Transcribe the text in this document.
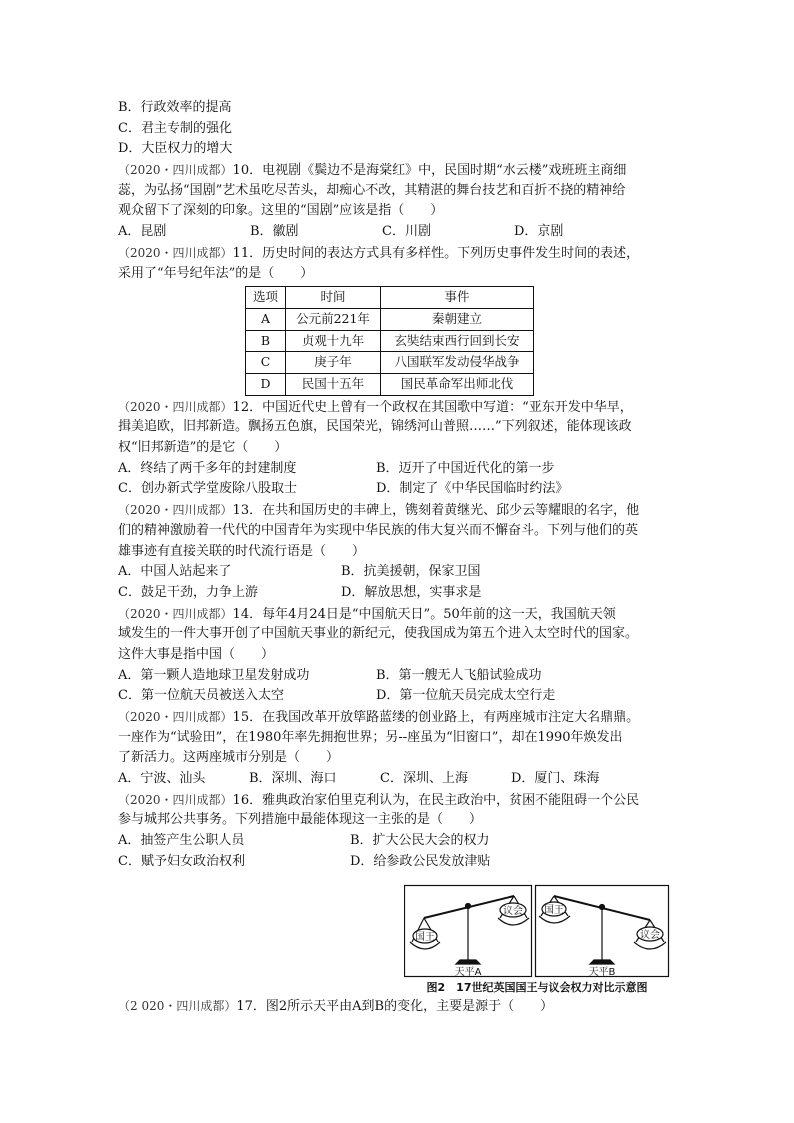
B．行政效率的提高
C．君主专制的强化
D．大臣权力的增大
（2020・四川成都）10．电视剧《鬓边不是海棠红》中，民国时期“水云楼”戏班班主商细
蕊，为弘扬“国剧”艺术虽吃尽苦头，却痴心不改，其精湛的舞台技艺和百折不挠的精神给
观众留下了深刻的印象。这里的“国剧”应该是指（　　）
A．昆剧	B．徽剧	C．川剧	D．京剧
（2020・四川成都）11．历史时间的表达方式具有多样性。下列历史事件发生时间的表述，
采用了“年号纪年法”的是（　　）
选项	时间	事件
A	公元前221年	秦朝建立
B	贞观十九年	玄奘结束西行回到长安
C	庚子年	八国联军发动侵华战争
D	民国十五年	国民革命军出师北伐
（2020・四川成都）12．中国近代史上曾有一个政权在其国歌中写道：“亚东开发中华早，
揖美追欧，旧邦新造。飘扬五色旗，民国荣光，锦绣河山普照……”下列叙述，能体现该政
权“旧邦新造”的是它（　　）
A．终结了两千多年的封建制度	B．迈开了中国近代化的第一步
C．创办新式学堂废除八股取士	D．制定了《中华民国临时约法》
（2020・四川成都）13．在共和国历史的丰碑上，镌刻着黄继光、邱少云等耀眼的名字，他
们的精神激励着一代代的中国青年为实现中华民族的伟大复兴而不懈奋斗。下列与他们的英
雄事迹有直接关联的时代流行语是（　　）
A．中国人站起来了	B．抗美援朝，保家卫国
C．鼓足干劲，力争上游	D．解放思想，实事求是
（2020・四川成都）14．每年4月24日是“中国航天日”。50年前的这一天，我国航天领
域发生的一件大事开创了中国航天事业的新纪元，使我国成为第五个进入太空时代的国家。
这件大事是指中国（　　）
A．第一颗人造地球卫星发射成功	B．第一艘无人飞船试验成功
C．第一位航天员被送入太空	D．第一位航天员完成太空行走
（2020・四川成都）15．在我国改革开放筚路蓝缕的创业路上，有两座城市注定大名鼎鼎。
一座作为“试验田”，在1980年率先拥抱世界；另--座虽为“旧窗口”，却在1990年焕发出
了新活力。这两座城市分别是（　　）
A．宁波、汕头	B．深圳、海口	C．深圳、上海	D．厦门、珠海
（2020・四川成都）16．雅典政治家伯里克利认为，在民主政治中，贫困不能阻碍一个公民
参与城邦公共事务。下列措施中最能体现这一主张的是（　　）
A．抽签产生公职人员	B．扩大公民大会的权力
C．赋予妇女政治权利	D．给参政公民发放津贴
国王
议会
天平A
国王
议会
天平B
图2　17世纪英国国王与议会权力对比示意图
（2 020・四川成都）17．图2所示天平由A到B的变化，主要是源于（　　）
